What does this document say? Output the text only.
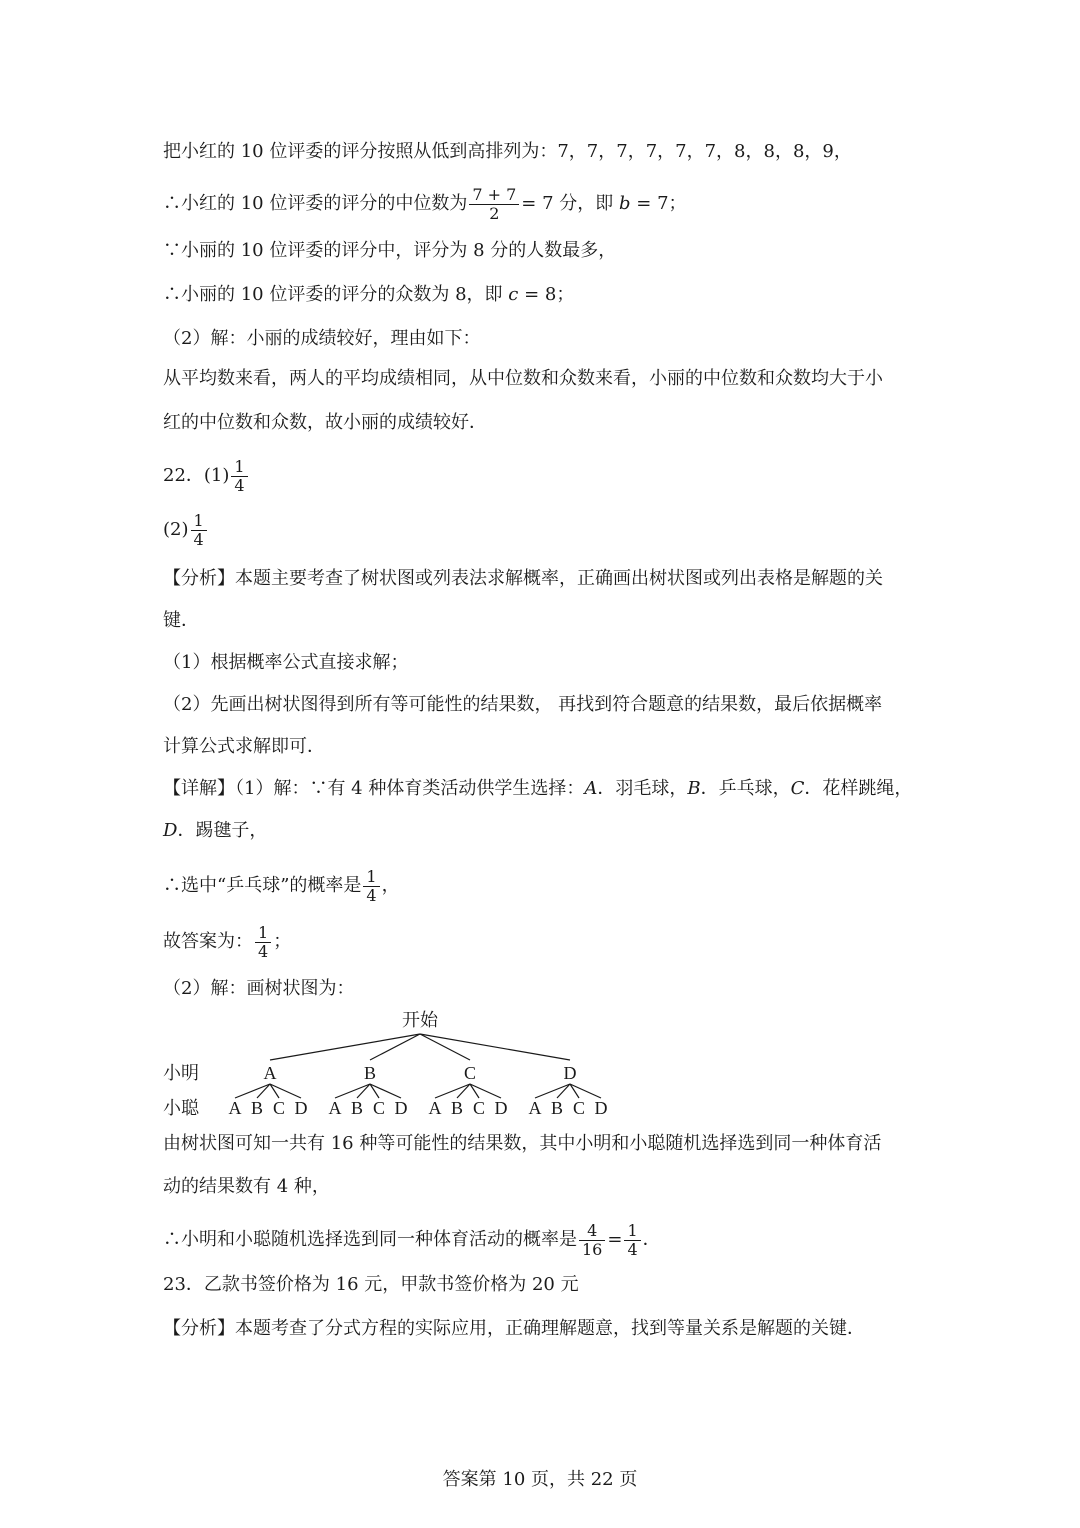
把小红的 10 位评委的评分按照从低到高排列为：7，7，7，7，7，7，8，8，8，9，
∴小红的 10 位评委的评分的中位数为 $\frac{7 + 7}{2} = 7$ 分，即 b = 7；
∵小丽的 10 位评委的评分中，评分为 8 分的人数最多，
∴小丽的 10 位评委的评分的众数为 8，即 c = 8；
（2）解：小丽的成绩较好，理由如下：
从平均数来看，两人的平均成绩相同，从中位数和众数来看，小丽的中位数和众数均大于小
红的中位数和众数，故小丽的成绩较好．
22．$(1) \frac{1}{4}$
$(2) \frac{1}{4}$
【分析】本题主要考查了树状图或列表法求解概率，正确画出树状图或列出表格是解题的关
键．
（1）根据概率公式直接求解；
（2）先画出树状图得到所有等可能性的结果数， 再找到符合题意的结果数，最后依据概率
计算公式求解即可．
【详解】（1）解：∵有 4 种体育类活动供学生选择：A．羽毛球，B．乒乓球，C．花样跳绳，
D．踢毽子，
∴选中“乒乓球”的概率是 $\frac{1}{4}$ ，
故答案为： $\frac{1}{4}$ ；
（2）解：画树状图为：
开始
小明
小聪
A	B	C	D
A B C D A B C D A B C D A B C D
由树状图可知一共有 16 种等可能性的结果数，其中小明和小聪随机选择选到同一种体育活
动的结果数有 4 种，
∴小明和小聪随机选择选到同一种体育活动的概率是 $\frac{4}{16} = \frac{1}{4}$ ．
23．乙款书签价格为 16 元，甲款书签价格为 20 元
【分析】本题考查了分式方程的实际应用，正确理解题意，找到等量关系是解题的关键．
答案第 10 页，共 22 页
